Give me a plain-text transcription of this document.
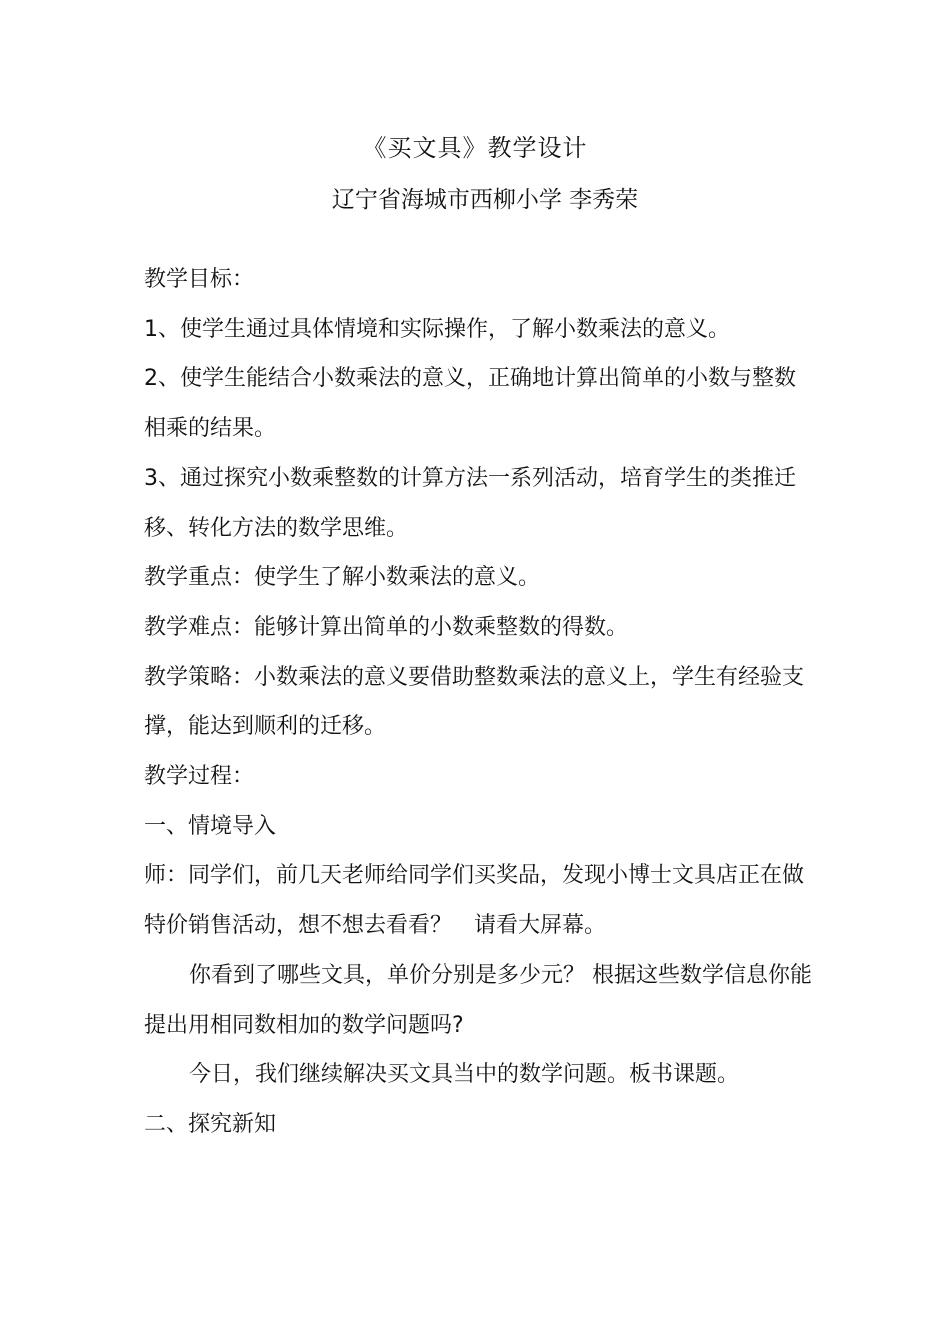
《买文具》教学设计
辽宁省海城市西柳小学 李秀荣

教学目标：

1、使学生通过具体情境和实际操作，了解小数乘法的意义。

2、使学生能结合小数乘法的意义，正确地计算出简单的小数与整数相乘的结果。

3、通过探究小数乘整数的计算方法一系列活动，培育学生的类推迁移、转化方法的数学思维。

教学重点：使学生了解小数乘法的意义。

教学难点：能够计算出简单的小数乘整数的得数。

教学策略：小数乘法的意义要借助整数乘法的意义上，学生有经验支撑，能达到顺利的迁移。

教学过程：

一、情境导入

师：同学们，前几天老师给同学们买奖品，发现小博士文具店正在做特价销售活动，想不想去看看？　请看大屏幕。

你看到了哪些文具，单价分别是多少元？ 根据这些数学信息你能提出用相同数相加的数学问题吗?

今日，我们继续解决买文具当中的数学问题。板书课题。

二、探究新知
